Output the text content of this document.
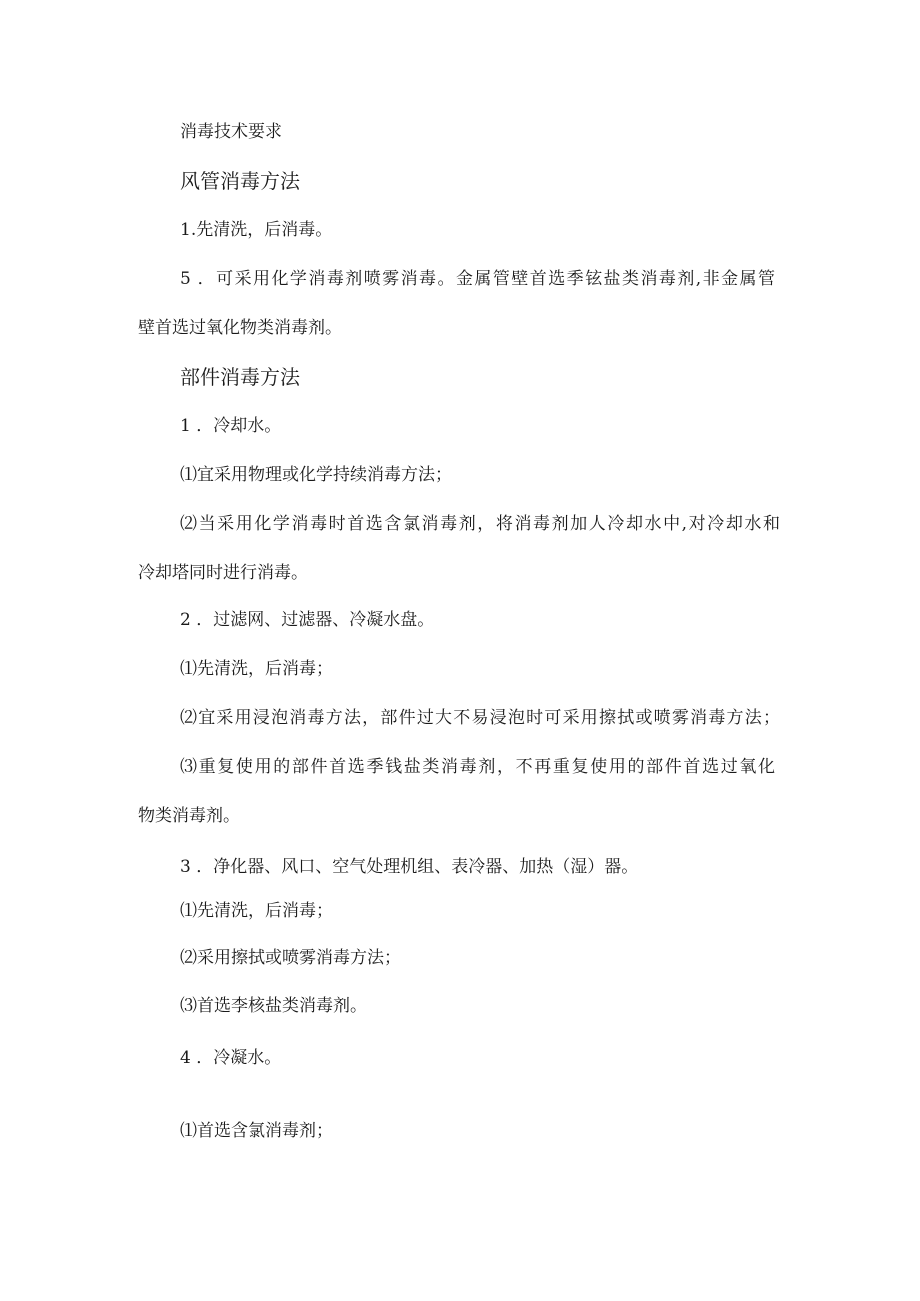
消毒技术要求
风管消毒方法
1.先清洗，后消毒。
5 ．可采用化学消毒剂喷雾消毒。金属管壁首选季铉盐类消毒剂,非金属管
壁首选过氧化物类消毒剂。
部件消毒方法
1 ．冷却水。
⑴宜采用物理或化学持续消毒方法；
⑵当采用化学消毒时首选含氯消毒剂，将消毒剂加人冷却水中,对冷却水和
冷却塔同时进行消毒。
2 ．过滤网、过滤器、冷凝水盘。
⑴先清洗，后消毒；
⑵宜采用浸泡消毒方法，部件过大不易浸泡时可采用擦拭或喷雾消毒方法；
⑶重复使用的部件首选季钱盐类消毒剂，不再重复使用的部件首选过氧化
物类消毒剂。
3 ．净化器、风口、空气处理机组、表冷器、加热（湿）器。
⑴先清洗，后消毒；
⑵采用擦拭或喷雾消毒方法；
⑶首选李核盐类消毒剂。
4 ．冷凝水。
⑴首选含氯消毒剂；
